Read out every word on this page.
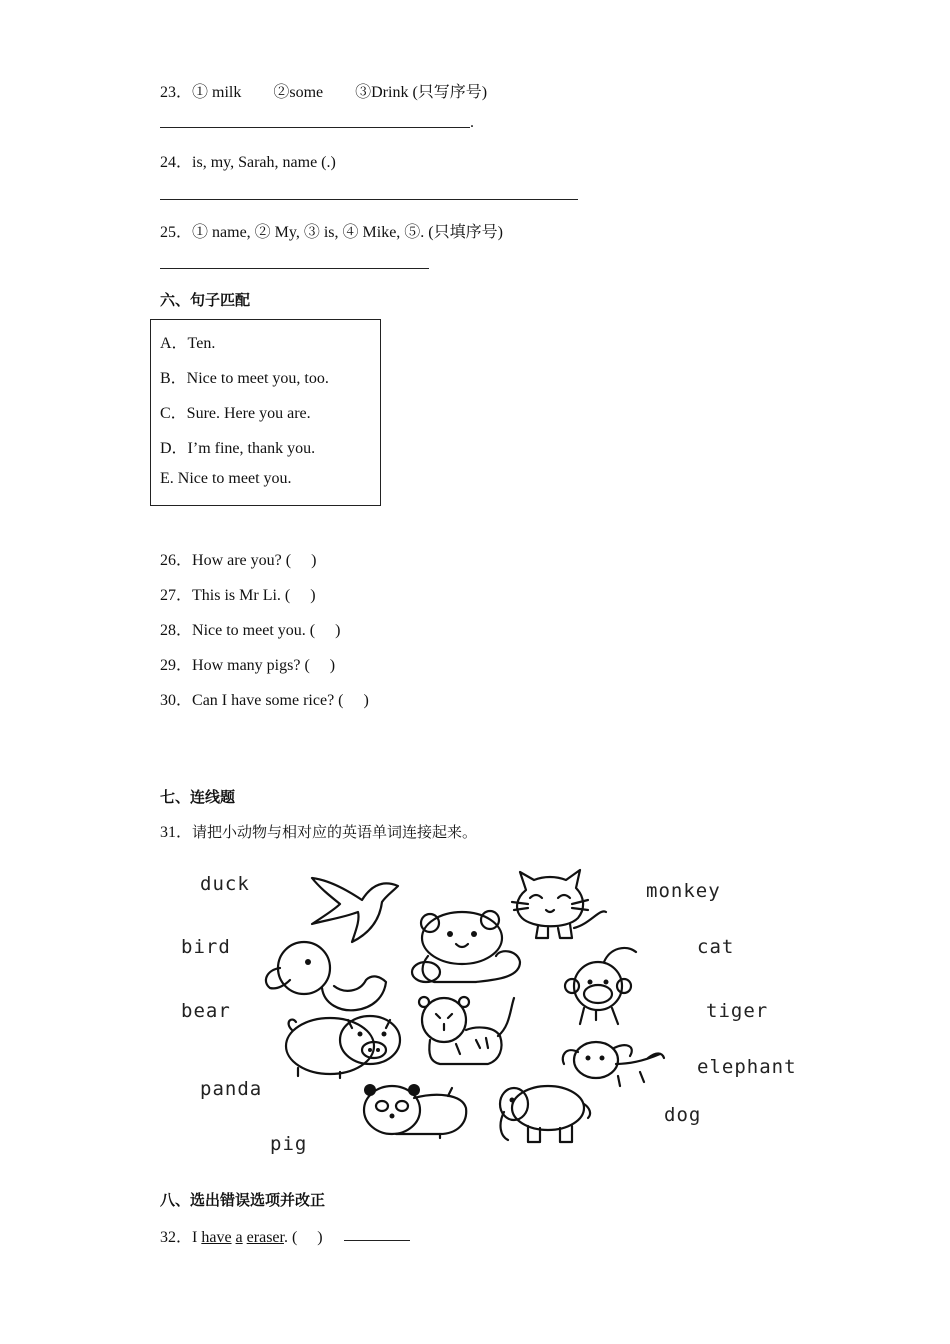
23．① milk　　②some　　③Drink (只写序号)
.
24．is, my, Sarah, name (.)
25．① name, ② My, ③ is, ④ Mike, ⑤. (只填序号)
六、句子匹配
A．Ten.
B．Nice to meet you, too.
C．Sure. Here you are.
D．I’m fine, thank you.
E. Nice to meet you.
26．How are you? (　 )
27．This is Mr Li. (　 )
28．Nice to meet you. (　 )
29．How many pigs? (　 )
30．Can I have some rice? (　 )
七、连线题
31．请把小动物与相对应的英语单词连接起来。
duck
bird
bear
panda
pig
monkey
cat
tiger
elephant
dog
八、选出错误选项并改正
32．I have a eraser. (　 )
